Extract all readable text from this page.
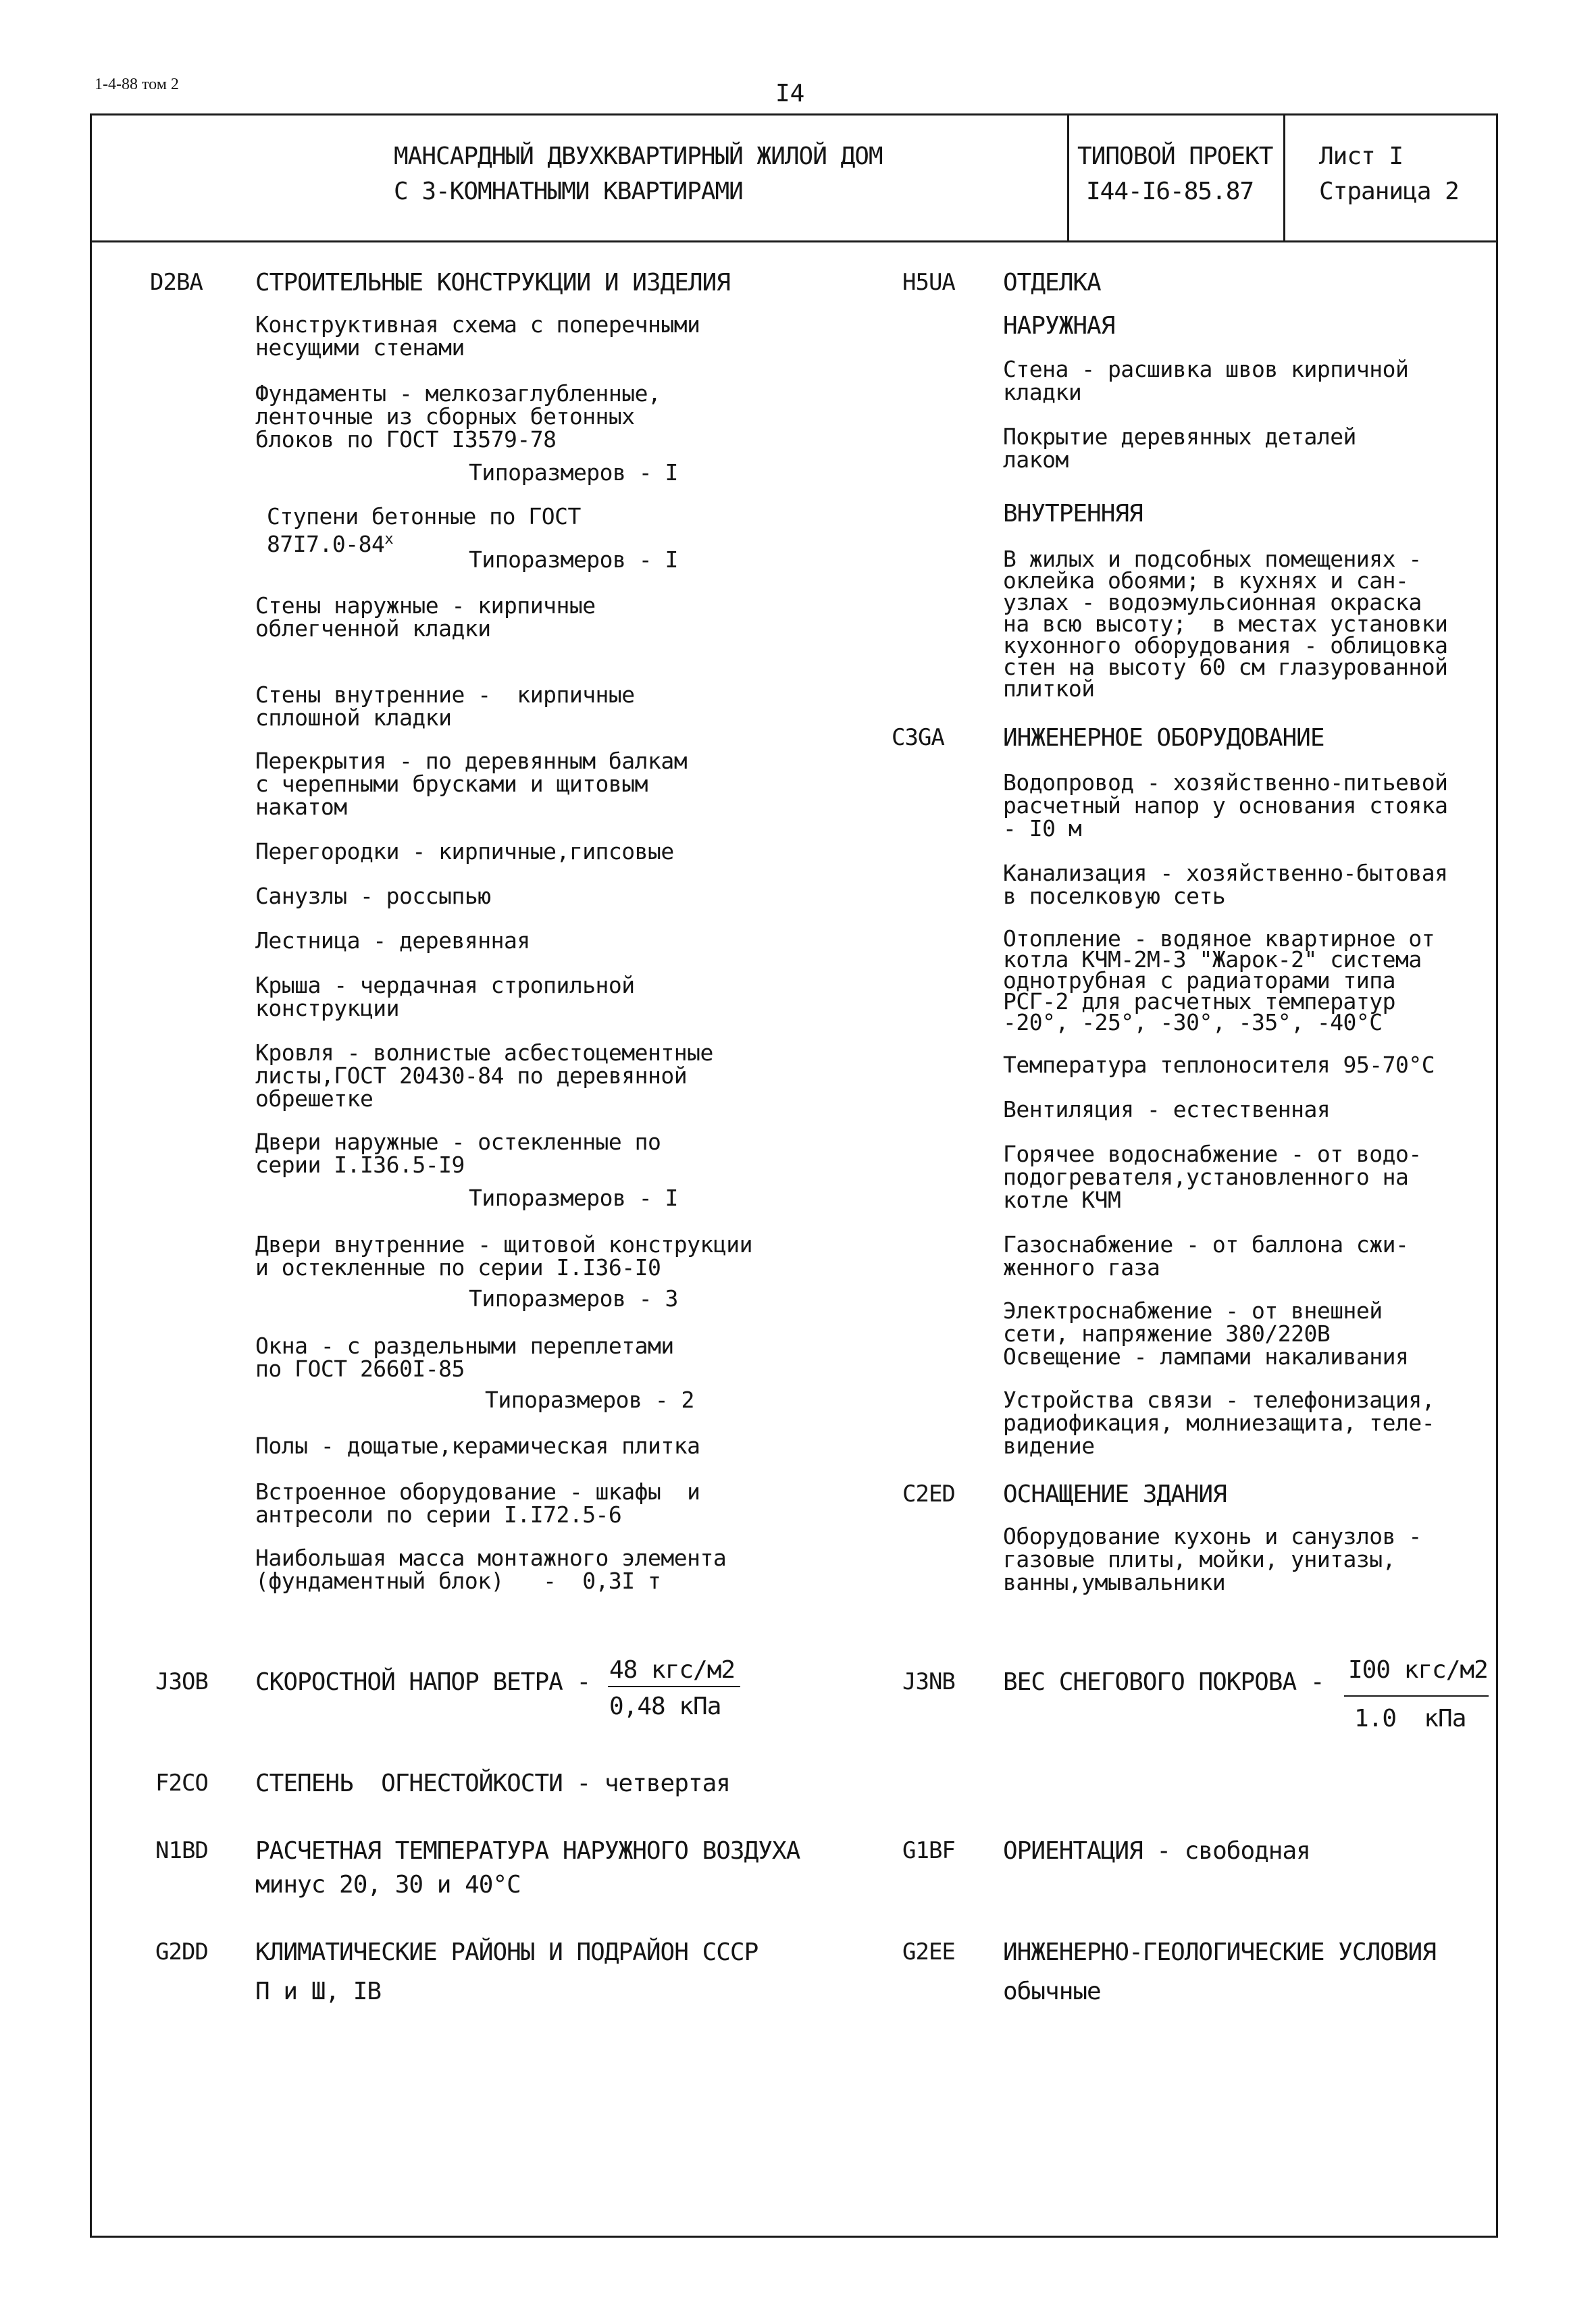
1-4-88 том 2	I4
МАНСАРДНЫЙ ДВУХКВАРТИРНЫЙ ЖИЛОЙ ДОМ
С 3-КОМНАТНЫМИ КВАРТИРАМИ
ТИПОВОЙ ПРОЕКТ
I44-I6-85.87
Лист I
Страница 2
D2BA СТРОИТЕЛЬНЫЕ КОНСТРУКЦИИ И ИЗДЕЛИЯ
Конструктивная схема с поперечными
несущими стенами
Фундаменты - мелкозаглубленные,
ленточные из сборных бетонных
блоков по ГОСТ I3579-78
Типоразмеров - I
Ступени бетонные по ГОСТ
$87I7.0-84^х$
Типоразмеров - I
Стены наружные - кирпичные
облегченной кладки
Стены внутренние -  кирпичные
сплошной кладки
Перекрытия - по деревянным балкам
с черепными брусками и щитовым
накатом
Перегородки - кирпичные,гипсовые
Санузлы - россыпью
Лестница - деревянная
Крыша - чердачная стропильной
конструкции
Кровля - волнистые асбестоцементные
листы,ГОСТ 20430-84 по деревянной
обрешетке
Двери наружные - остекленные по
серии I.I36.5-I9
Типоразмеров - I
Двери внутренние - щитовой конструкции
и остекленные по серии I.I36-I0
Типоразмеров - 3
Окна - с раздельными переплетами
по ГОСТ 2660I-85
Типоразмеров - 2
Полы - дощатые,керамическая плитка
Встроенное оборудование - шкафы  и
антресоли по серии I.I72.5-6
Наибольшая масса монтажного элемента
(фундаментный блок)   -  0,3I т
H5UA ОТДЕЛКА
НАРУЖНАЯ
Стена - расшивка швов кирпичной
кладки
Покрытие деревянных деталей
лаком
ВНУТРЕННЯЯ
В жилых и подсобных помещениях -
оклейка обоями; в кухнях и сан-
узлах - водоэмульсионная окраска
на всю высоту;  в местах установки
кухонного оборудования - облицовка
стен на высоту 60 см глазурованной
плиткой
C3GA ИНЖЕНЕРНОЕ ОБОРУДОВАНИЕ
Водопровод - хозяйственно-питьевой
расчетный напор у основания стояка
- I0 м
Канализация - хозяйственно-бытовая
в поселковую сеть
Отопление - водяное квартирное от
котла КЧМ-2М-3 "Жарок-2" система
однотрубная с радиаторами типа
РСГ-2 для расчетных температур
-20°, -25°, -30°, -35°, -40°С
Температура теплоносителя 95-70°С
Вентиляция - естественная
Горячее водоснабжение - от водо-
подогревателя,установленного на
котле КЧМ
Газоснабжение - от баллона сжи-
женного газа
Электроснабжение - от внешней
сети, напряжение 380/220В
Освещение - лампами накаливания
Устройства связи - телефонизация,
радиофикация, молниезащита, теле-
видение
C2ED ОСНАЩЕНИЕ ЗДАНИЯ
Оборудование кухонь и санузлов -
газовые плиты, мойки, унитазы,
ванны,умывальники
J3OB СКОРОСТНОЙ НАПОР ВЕТРА - 48 кгс/м2
0,48 кПа
J3NB ВЕС СНЕГОВОГО ПОКРОВА - I00 кгс/м2
1.0  кПа
F2CO СТЕПЕНЬ  ОГНЕСТОЙКОСТИ - четвертая
N1BD РАСЧЕТНАЯ ТЕМПЕРАТУРА НАРУЖНОГО ВОЗДУХА
минус 20, 30 и 40°С
G1BF ОРИЕНТАЦИЯ - свободная
G2DD КЛИМАТИЧЕСКИЕ РАЙОНЫ И ПОДРАЙОН СССР
П и Ш, IВ
G2EE ИНЖЕНЕРНО-ГЕОЛОГИЧЕСКИЕ УСЛОВИЯ
обычные
